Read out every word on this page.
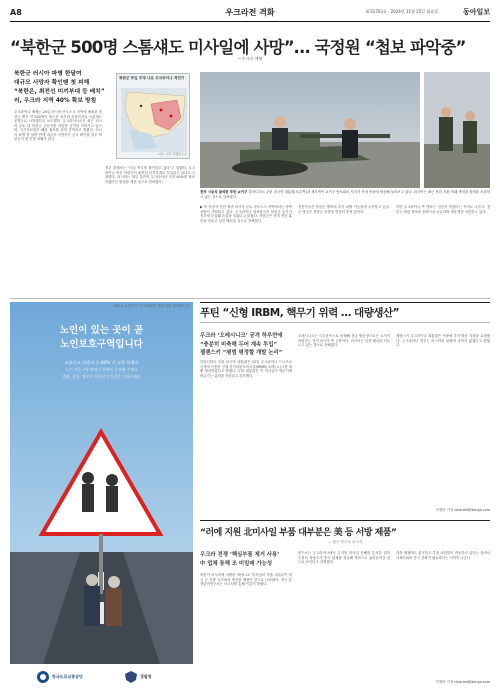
A8	우크라전 격화	제 31703호 · 2024년 11월 25일 월요일	동아일보
“북한군 500명 스톰섀도 미사일에 사망”… 국정원 “첩보 파악중”
—우크라 매체
북한군 러시아 파병 한달여
대규모 사망자 확인땐 첫 피해
“북한은, 최전선 미끼부대 등 배치”
러, 우크라 지역 40% 확보 방침
북한군 투입 추정 나온 우크라이나 격전지
자료: 미국 전쟁연구소

우크라이나 매체는 24일 러시아 쿠르스크 지역에 배치된 북한군 병사 약 500명이 영국산 장거리 순항미사일 스톰섀도 공격으로 사망했다고 보도했다. 우크라이나군은 최근 러시아 본토 내 북한군 주둔지를 겨냥한 공격을 이어가고 있으며, 국가정보원은 해당 첩보를 파악 중이라고 밝혔다. 러시아 파병 한 달여 만에 대규모 사망자가 공식 확인될 경우 북한군의 첫 인명 피해가 된다.

정부 관계자는 “사실 여부를 확인하고 있다”고 말했다. 우크라이나 측은 북한군이 최전선 미끼부대로 투입되고 있다고 주장했다. 러시아는 내년 초까지 우크라이나 지역 40%를 확보하겠다는 방침을 세운 것으로 알려졌다.

▶ 북 부상자 전선 복귀 러시아 본토 쿠르스크 지역에서는 양측 공방이 격화되고 있다. 우크라이나 정보당국은 북한군 일부가 전투에 투입돼 손실을 입었다고 밝혔다. 북한군은 현지 적응 훈련을 마치고 실전 배치된 것으로 전해졌다.

전문가들은 북한군 병력의 추가 파병 가능성에 주목하고 있다. 군 당국은 북한군 동향을 면밀히 추적 중이다.

다만 우크라이나 측 발표는 검증이 어렵다는 지적도 나온다. 정부는 관련 정보를 동맹국과 공유하며 대응책을 마련하고 있다.

전차 시승식 참석한 푸틴·쇼이구 블라디미르 푸틴 러시아 대통령(오른쪽)과 세르게이 쇼이구 안보회의 서기가 신형 전차에 탑승해 둘러보고 있다. 러시아는 최근 북한 지원 아래 병력과 장비를 보강하고 있는 것으로 알려졌다.
2024 교통안전 공익캠페인 경찰청과 함께합니다
노인이 있는 곳이 곧
노인보호구역입니다
교통사고 사망자 중 60% 가 고령 보행자
노인 보호구역 안에서 천천히 운전해 주세요
멈춤, 살핌, 양보로 어르신의 안전을 지켜주세요
한국도로교통공단	경찰청
푸틴 “신형 IRBM, 핵무기 위력 … 대량생산”
우크라 ‘오레시니크’ 공격 하루만에
“충분히 비축해 두어 계속 투입”
젤렌스키 “평범 평정할 개발 논리”

블라디미르 푸틴 러시아 대통령은 22일 우크라이나 드니프로 공격에 사용한 신형 중거리탄도미사일(IRBM) 오레시니크를 대량 생산하겠다고 밝혔다. 푸틴 대통령은 이 미사일이 핵무기에 버금가는 위력을 지녔다고 강조했다.

오레시니크는 극초음속으로 비행해 현존 방공망으로는 요격이 어렵다는 것이 러시아 측 주장이다. 러시아는 실전 배치를 서두르고 있는 것으로 전해졌다.

젤렌스키 우크라이나 대통령은 서방에 추가 방공 지원을 요청했다. 우크라이나 정부는 러시아의 위협에 굴하지 않겠다고 밝혔다.

이청아 기자 clearlee@donga.com
“러에 지원 北미사일 부품 대부분은 美 등 서방 제품”
— 영국 연구소 보고서
우크라 전쟁 ‘핵심부품 제거 사용’
中 업체 통해 조 미밀매 가능성

북한이 러시아에 지원한 ‘화성-11’ 미사일의 부품 대부분이 미국 등 서방 국가에서 생산된 제품인 것으로 나타났다. 영국 분쟁군비연구소는 보고서를 통해 이같이 밝혔다.

연구소는 우크라이나에서 수거한 미사일 잔해를 분석한 결과 부품의 상당수가 중국 업체를 경유해 북한으로 흘러들어간 것으로 보인다고 설명했다.

대북 제재에도 불구하고 부품 조달망이 작동하고 있다는 점에서 국제사회의 감시 강화가 필요하다는 지적이 나온다.

이청아 기자 clearlee@donga.com
